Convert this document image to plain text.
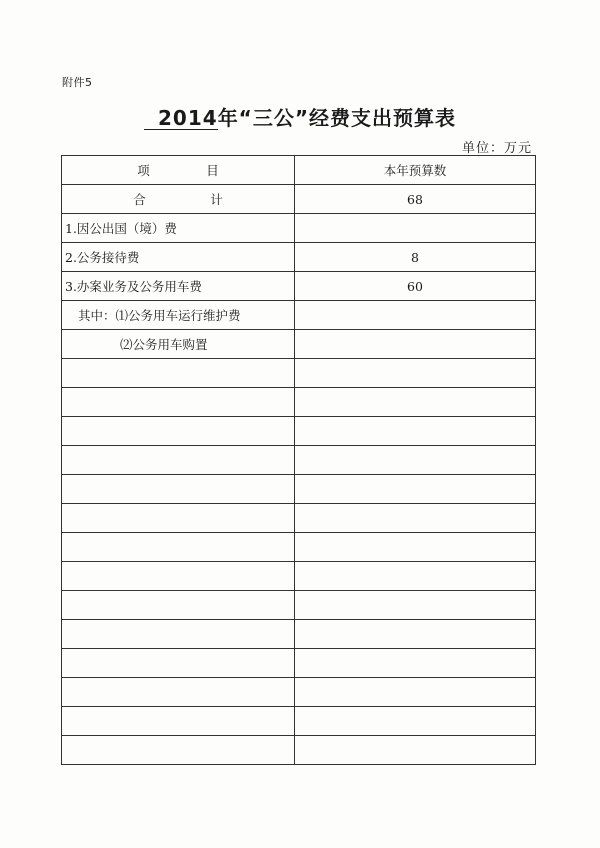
附件5
2014年“三公”经费支出预算表
单位：万元
项　目	本年预算数
合　计	68
1.因公出国（境）费	
2.公务接待费	8
3.办案业务及公务用车费	60
其中：⑴公务用车运行维护费	
⑵公务用车购置	
